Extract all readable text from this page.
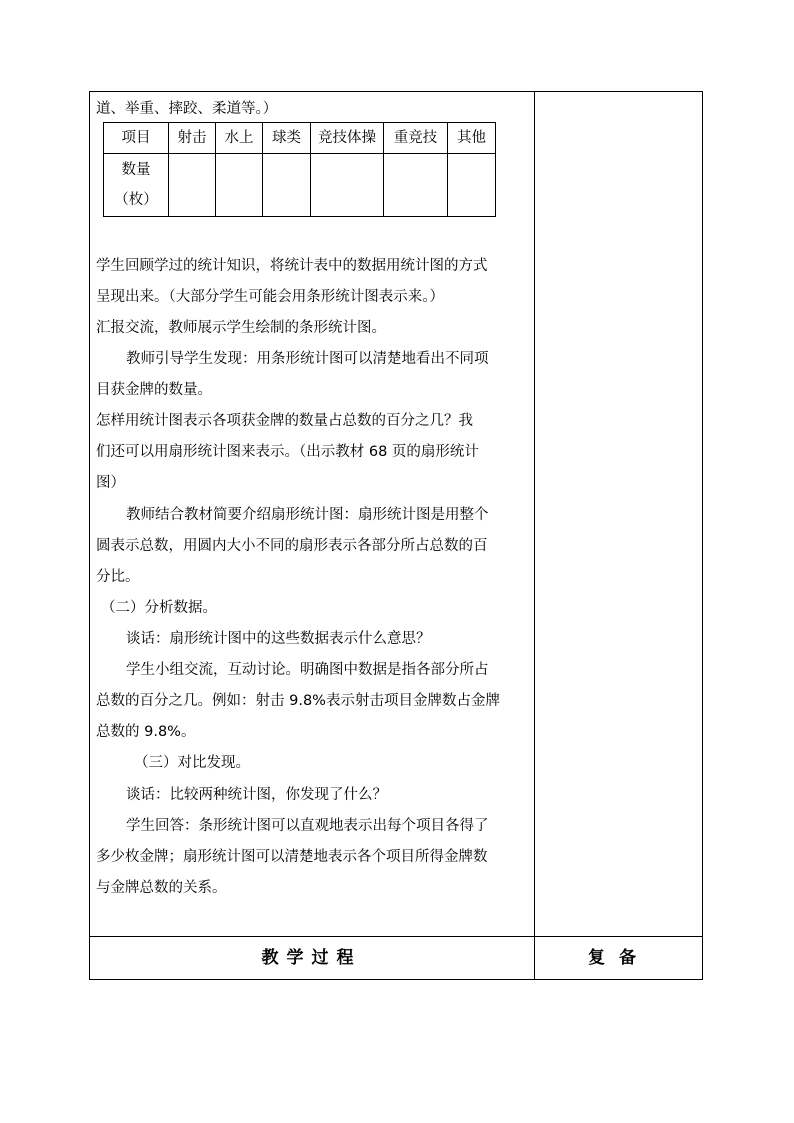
道、举重、摔跤、柔道等。）
项目	射击	水上	球类	竞技体操	重竞技	其他

数量
（枚）						

学生回顾学过的统计知识，将统计表中的数据用统计图的方式
呈现出来。（大部分学生可能会用条形统计图表示来。）
汇报交流，教师展示学生绘制的条形统计图。
教师引导学生发现：用条形统计图可以清楚地看出不同项
目获金牌的数量。
怎样用统计图表示各项获金牌的数量占总数的百分之几？我
们还可以用扇形统计图来表示。（出示教材 68 页的扇形统计
图）
教师结合教材简要介绍扇形统计图：扇形统计图是用整个
圆表示总数，用圆内大小不同的扇形表示各部分所占总数的百
分比。
（二）分析数据。
谈话：扇形统计图中的这些数据表示什么意思？
学生小组交流，互动讨论。明确图中数据是指各部分所占
总数的百分之几。例如：射击 9.8%表示射击项目金牌数占金牌
总数的 9.8%。
（三）对比发现。
谈话：比较两种统计图，你发现了什么？
学生回答：条形统计图可以直观地表示出每个项目各得了
多少枚金牌；扇形统计图可以清楚地表示各个项目所得金牌数
与金牌总数的关系。
教学过程	复备
